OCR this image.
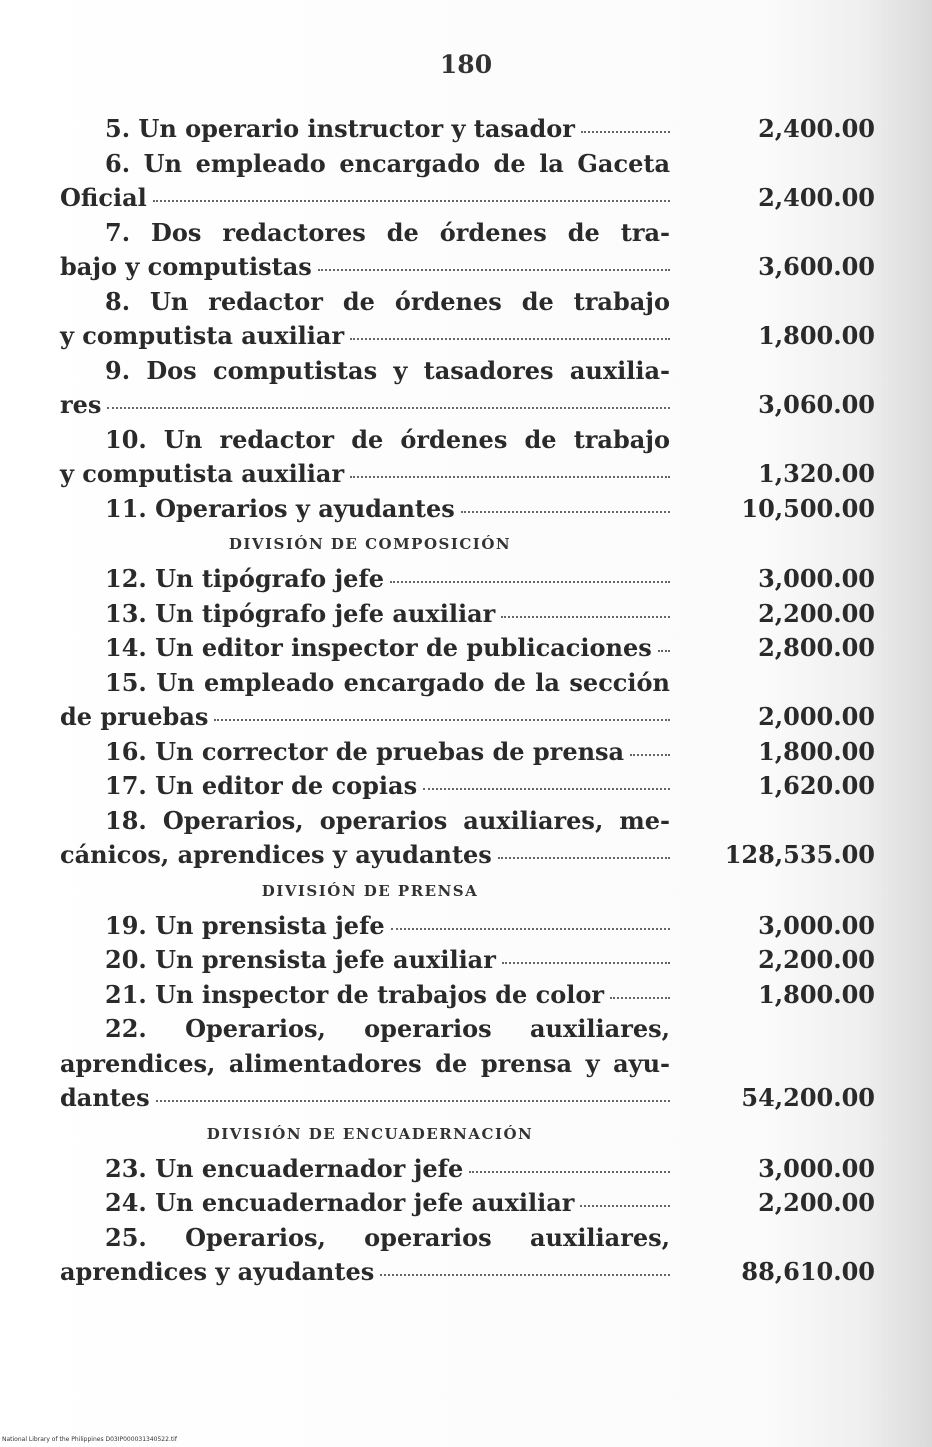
180
5. Un operario instructor y tasador	2,400.00
6. Un empleado encargado de la Gaceta
Oficial	2,400.00
7. Dos redactores de órdenes de tra-
bajo y computistas	3,600.00
8. Un redactor de órdenes de trabajo
y computista auxiliar	1,800.00
9. Dos computistas y tasadores auxilia-
res	3,060.00
10. Un redactor de órdenes de trabajo
y computista auxiliar	1,320.00
11. Operarios y ayudantes	10,500.00
DIVISIÓN DE COMPOSICIÓN
12. Un tipógrafo jefe	3,000.00
13. Un tipógrafo jefe auxiliar	2,200.00
14. Un editor inspector de publicaciones	2,800.00
15. Un empleado encargado de la sección
de pruebas	2,000.00
16. Un corrector de pruebas de prensa	1,800.00
17. Un editor de copias	1,620.00
18. Operarios, operarios auxiliares, me-
cánicos, aprendices y ayudantes	128,535.00
DIVISIÓN DE PRENSA
19. Un prensista jefe	3,000.00
20. Un prensista jefe auxiliar	2,200.00
21. Un inspector de trabajos de color	1,800.00
22. Operarios, operarios auxiliares,
aprendices, alimentadores de prensa y ayu-
dantes	54,200.00
DIVISIÓN DE ENCUADERNACIÓN
23. Un encuadernador jefe	3,000.00
24. Un encuadernador jefe auxiliar	2,200.00
25. Operarios, operarios auxiliares,
aprendices y ayudantes	88,610.00
National Library of the Philippines D03IP000031340522.tif
